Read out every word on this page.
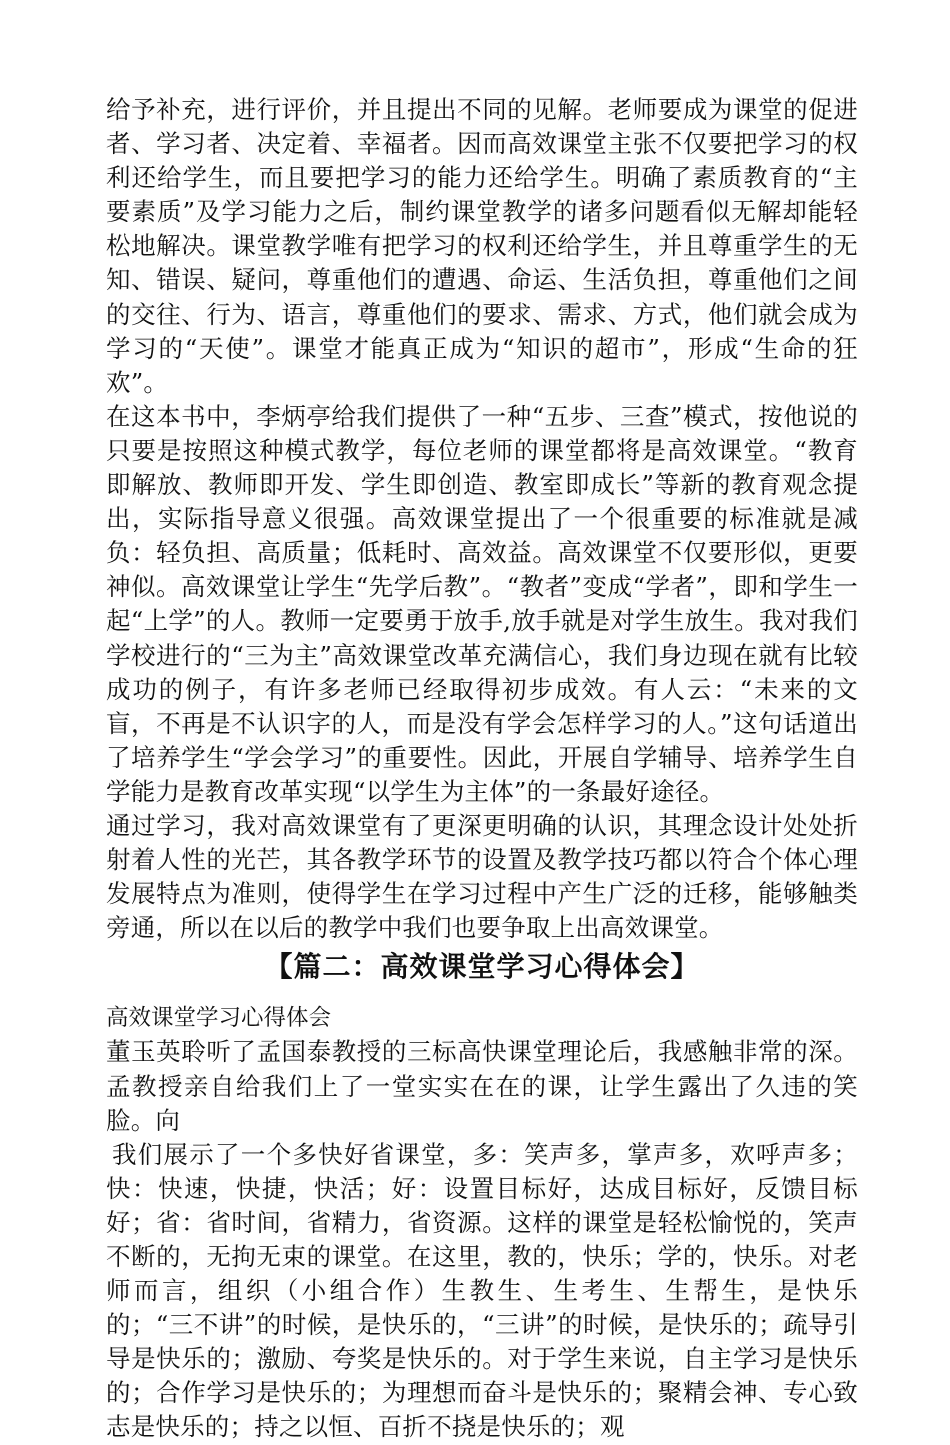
给予补充，进行评价，并且提出不同的见解。老师要成为课堂的促进者、学习者、决定着、幸福者。因而高效课堂主张不仅要把学习的权利还给学生，而且要把学习的能力还给学生。明确了素质教育的“主要素质”及学习能力之后，制约课堂教学的诸多问题看似无解却能轻松地解决。课堂教学唯有把学习的权利还给学生，并且尊重学生的无知、错误、疑问，尊重他们的遭遇、命运、生活负担，尊重他们之间的交往、行为、语言，尊重他们的要求、需求、方式，他们就会成为学习的“天使”。课堂才能真正成为“知识的超市”，形成“生命的狂欢”。

在这本书中，李炳亭给我们提供了一种“五步、三查”模式，按他说的只要是按照这种模式教学，每位老师的课堂都将是高效课堂。“教育即解放、教师即开发、学生即创造、教室即成长”等新的教育观念提出，实际指导意义很强。高效课堂提出了一个很重要的标准就是减负：轻负担、高质量；低耗时、高效益。高效课堂不仅要形似，更要神似。高效课堂让学生“先学后教”。“教者”变成“学者”，即和学生一起“上学”的人。教师一定要勇于放手,放手就是对学生放生。我对我们学校进行的“三为主”高效课堂改革充满信心，我们身边现在就有比较成功的例子，有许多老师已经取得初步成效。有人云：“未来的文盲，不再是不认识字的人，而是没有学会怎样学习的人。”这句话道出了培养学生“学会学习”的重要性。因此，开展自学辅导、培养学生自学能力是教育改革实现“以学生为主体”的一条最好途径。

通过学习，我对高效课堂有了更深更明确的认识，其理念设计处处折射着人性的光芒，其各教学环节的设置及教学技巧都以符合个体心理发展特点为准则，使得学生在学习过程中产生广泛的迁移，能够触类旁通，所以在以后的教学中我们也要争取上出高效课堂。

【篇二：高效课堂学习心得体会】

高效课堂学习心得体会

董玉英聆听了孟国泰教授的三标高快课堂理论后，我感触非常的深。孟教授亲自给我们上了一堂实实在在的课，让学生露出了久违的笑脸。向

我们展示了一个多快好省课堂，多：笑声多，掌声多，欢呼声多；快：快速，快捷，快活；好：设置目标好，达成目标好，反馈目标好；省：省时间，省精力，省资源。这样的课堂是轻松愉悦的，笑声不断的，无拘无束的课堂。在这里，教的，快乐；学的，快乐。对老师而言，组织（小组合作）生教生、生考生、生帮生，是快乐的；“三不讲”的时候，是快乐的，“三讲”的时候，是快乐的；疏导引导是快乐的；激励、夸奖是快乐的。对于学生来说，自主学习是快乐的；合作学习是快乐的；为理想而奋斗是快乐的；聚精会神、专心致志是快乐的；持之以恒、百折不挠是快乐的；观
